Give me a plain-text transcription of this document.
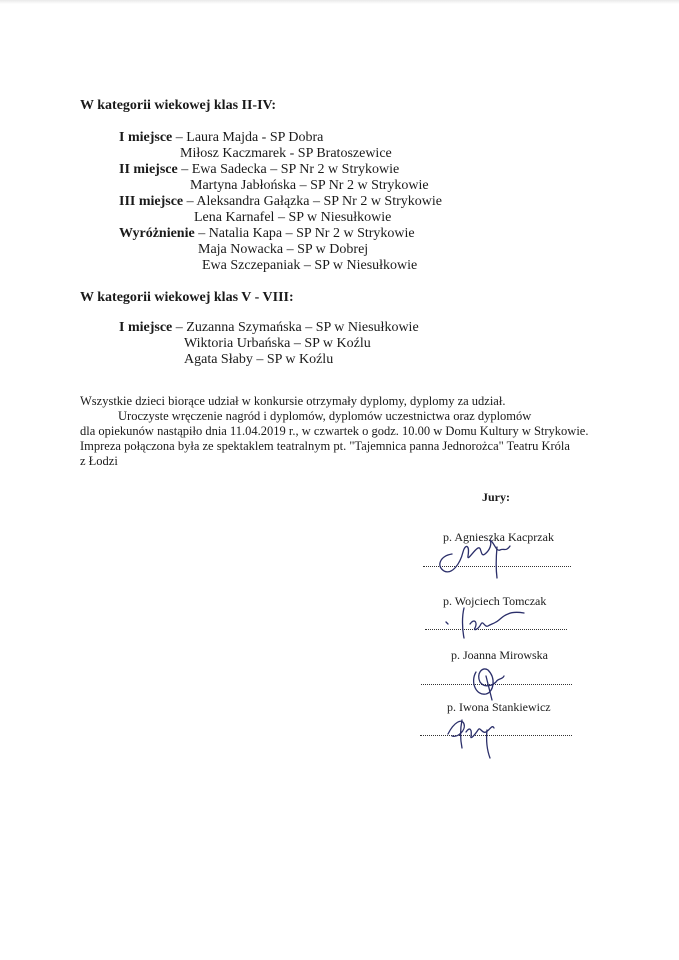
W kategorii wiekowej klas II-IV:
I miejsce – Laura Majda - SP Dobra
Miłosz Kaczmarek - SP Bratoszewice
II miejsce – Ewa Sadecka – SP Nr 2 w Strykowie
Martyna Jabłońska – SP Nr 2 w Strykowie
III miejsce – Aleksandra Gałązka – SP Nr 2 w Strykowie
Lena Karnafel – SP w Niesułkowie
Wyróżnienie – Natalia Kapa – SP Nr 2 w Strykowie
Maja Nowacka – SP w Dobrej
Ewa Szczepaniak – SP w Niesułkowie
W kategorii wiekowej klas V - VIII:
I miejsce – Zuzanna Szymańska – SP w Niesułkowie
Wiktoria Urbańska – SP w Koźlu
Agata Słaby – SP w Koźlu
Wszystkie dzieci biorące udział w konkursie otrzymały dyplomy, dyplomy za udział.
Uroczyste wręczenie nagród i dyplomów, dyplomów uczestnictwa oraz dyplomów
dla opiekunów nastąpiło dnia 11.04.2019 r., w czwartek o godz. 10.00 w Domu Kultury w Strykowie.
Impreza połączona była ze spektaklem teatralnym pt. "Tajemnica panna Jednorożca" Teatru Króla
z Łodzi
Jury:
p. Agnieszka Kacprzak
p. Wojciech Tomczak
p. Joanna Mirowska
p. Iwona Stankiewicz
